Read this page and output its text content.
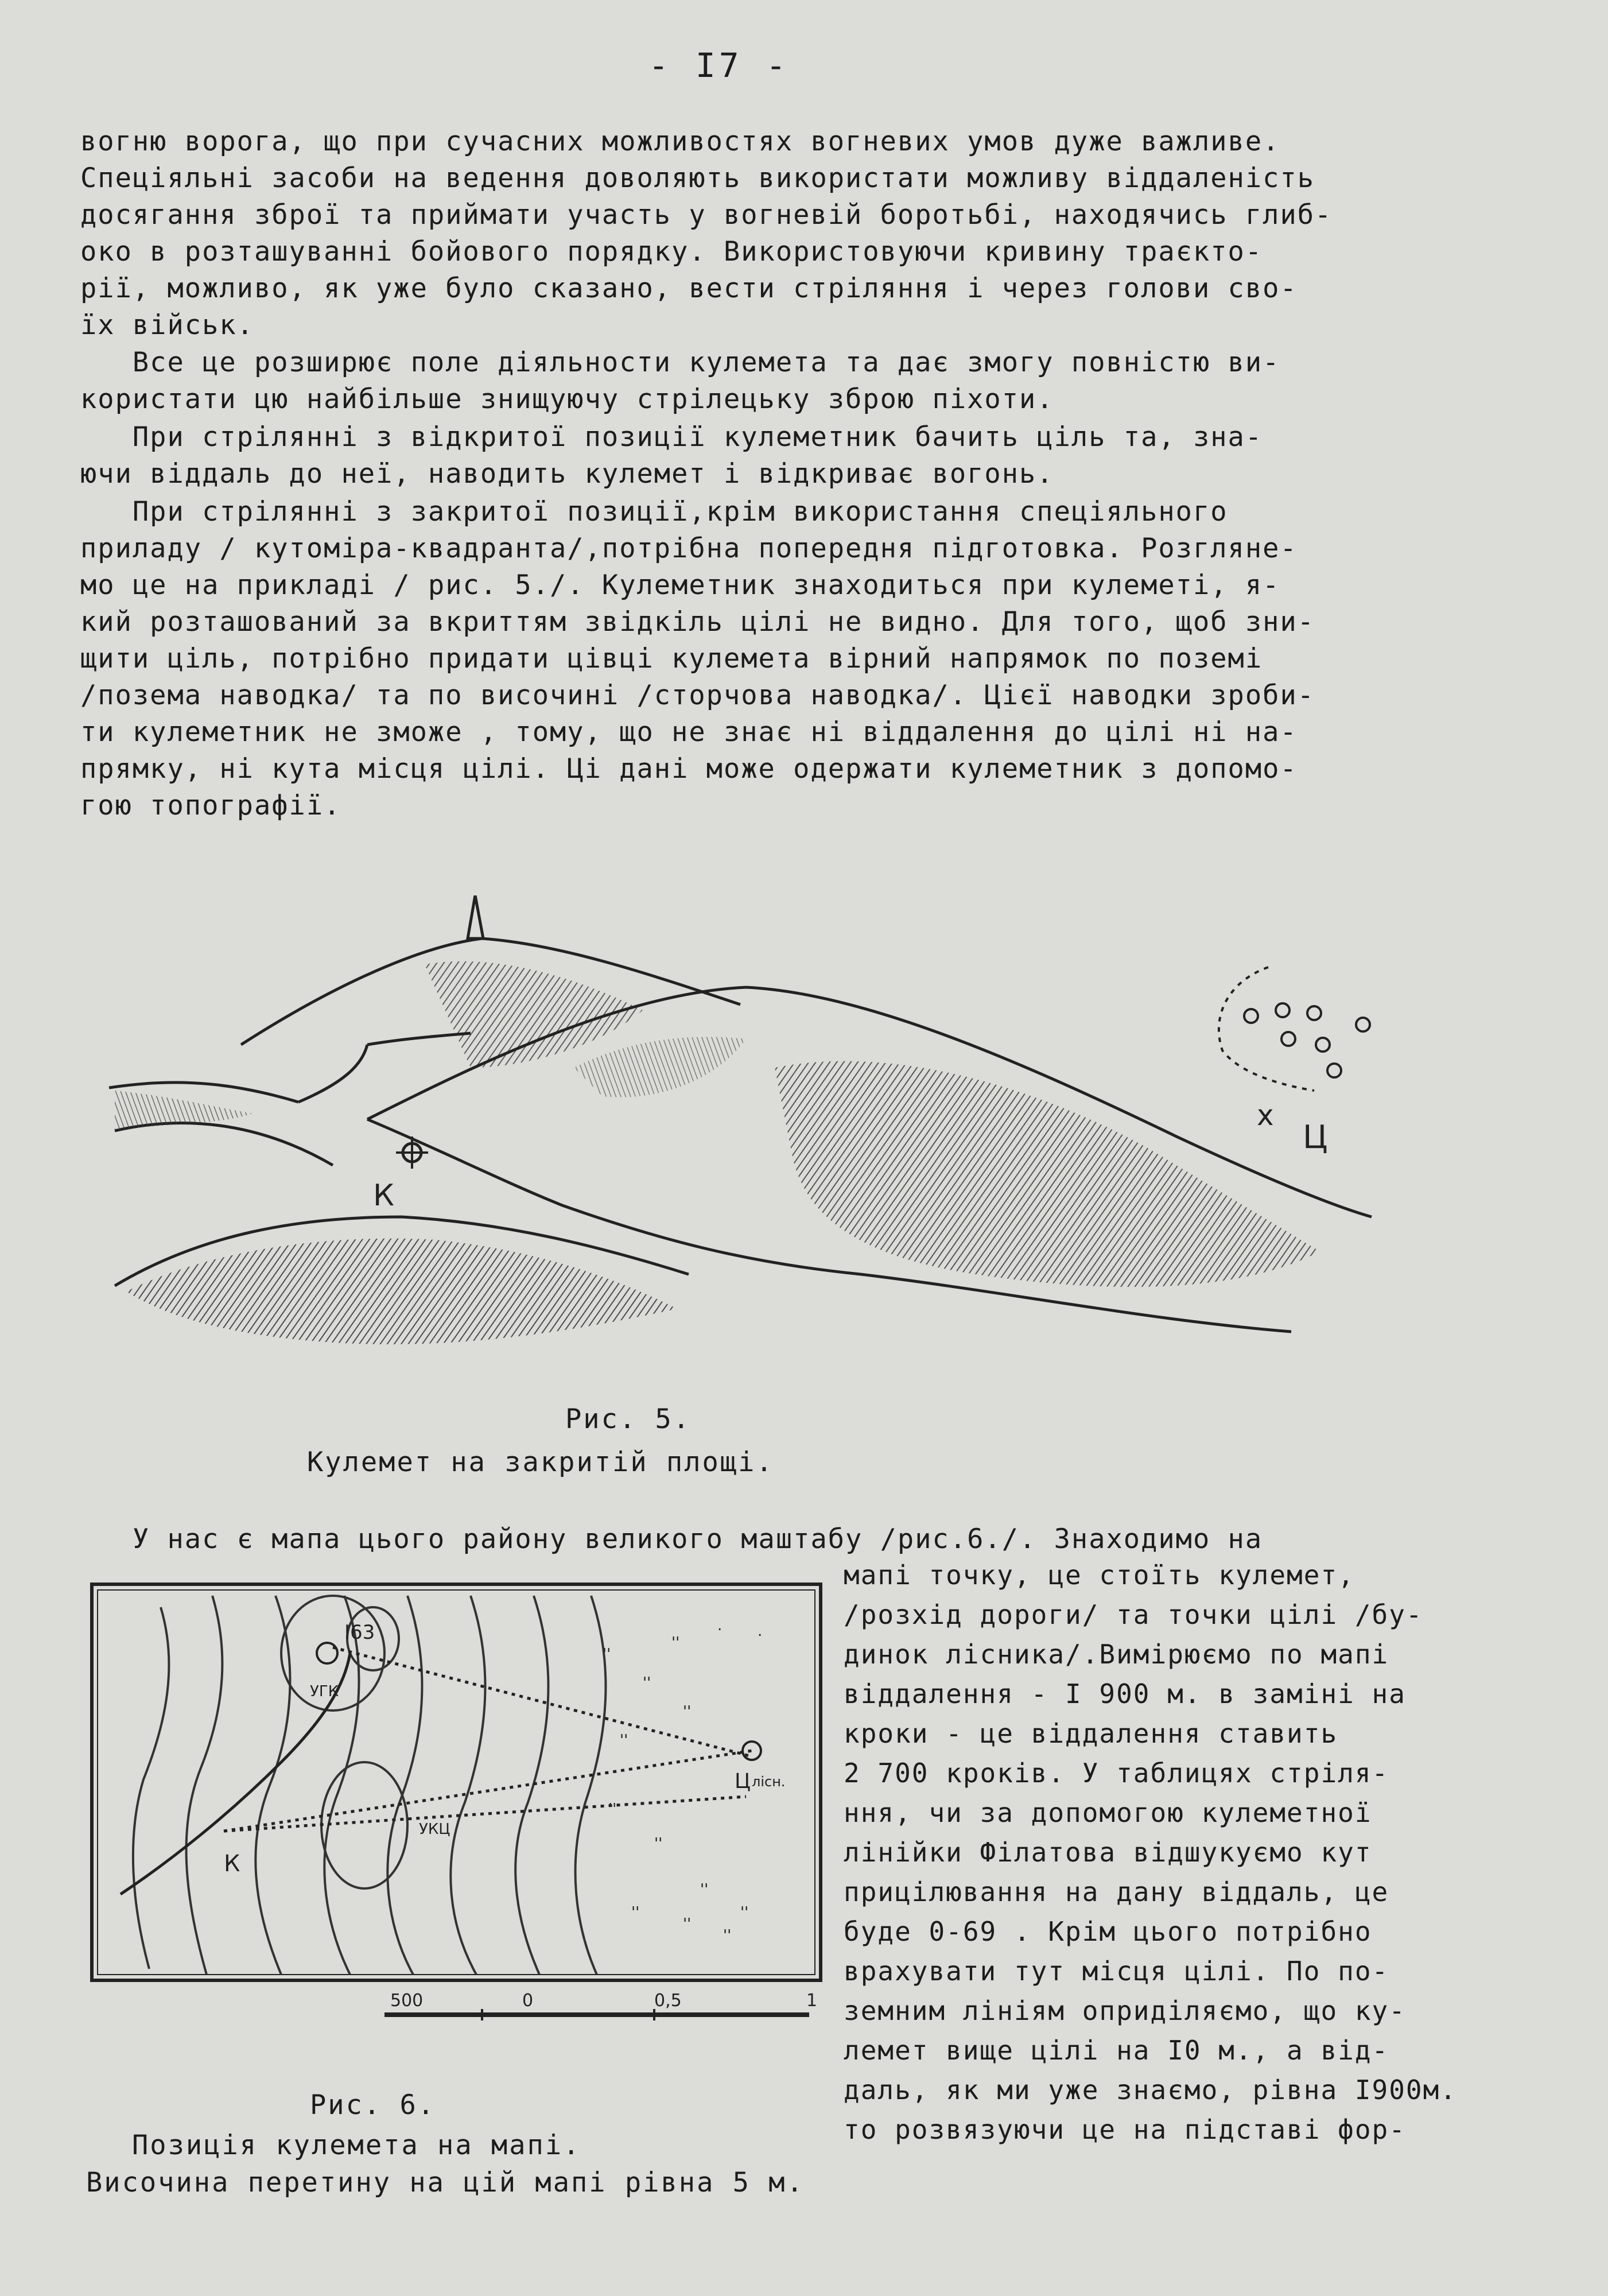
- I7 -
вогню ворога, що при сучасних можливостях вогневих умов дуже важливе.
Спеціяльні засоби на ведення доволяють використати можливу віддаленість
досягання зброї та приймати участь у вогневій боротьбі, находячись глиб-
око в розташуванні бойового порядку. Використовуючи кривину траєкто-
рії, можливо, як уже було сказано, вести стріляння і через голови сво-
їх військ.
Все це розширює поле діяльности кулемета та дає змогу повністю ви-
користати цю найбільше знищуючу стрілецьку зброю піхоти.
При стрілянні з відкритої позиції кулеметник бачить ціль та, зна-
ючи віддаль до неї, наводить кулемет і відкриває вогонь.
При стрілянні з закритої позиції,крім використання спеціяльного
приладу / кутоміра-квадранта/,потрібна попередня підготовка. Розгляне-
мо це на прикладі / рис. 5./. Кулеметник знаходиться при кулеметі, я-
кий розташований за вкриттям звідкіль цілі не видно. Для того, щоб зни-
щити ціль, потрібно придати цівці кулемета вірний напрямок по поземі
/позема наводка/ та по височині /сторчова наводка/. Цієї наводки зроби-
ти кулеметник не зможе , тому, що не знає ні віддалення до цілі ні на-
прямку, ні кута місця цілі. Ці дані може одержати кулеметник з допомо-
гою топографії.
К
х
Ц
Рис. 5.
Кулемет на закритій площі.
У нас є мапа цього району великого маштабу /рис.6./. Знаходимо на
''
''
''
''
''
''
''
''
''	''
''
''
.
.
I63
УГК
УКЦ
Ц лісн.
К
500	0	0,5	1
мапі точку, це стоїть кулемет,
/розхід дороги/ та точки цілі /бу-
динок лісника/.Вимірюємо по мапі
віддалення - I 900 м. в заміні на
кроки - це віддалення ставить
2 700 кроків. У таблицях стріля-
ння, чи за допомогою кулеметної
лінійки Філатова відшукуємо кут
прицілювання на дану віддаль, це
буде 0-69 . Крім цього потрібно
врахувати тут місця цілі. По по-
земним лініям оприділяємо, що ку-
лемет вище цілі на I0 м., а від-
даль, як ми уже знаємо, рівна I900м.
то розвязуючи це на підставі фор-
Рис. 6.
Позиція кулемета на мапі.
Височина перетину на цій мапі рівна 5 м.
